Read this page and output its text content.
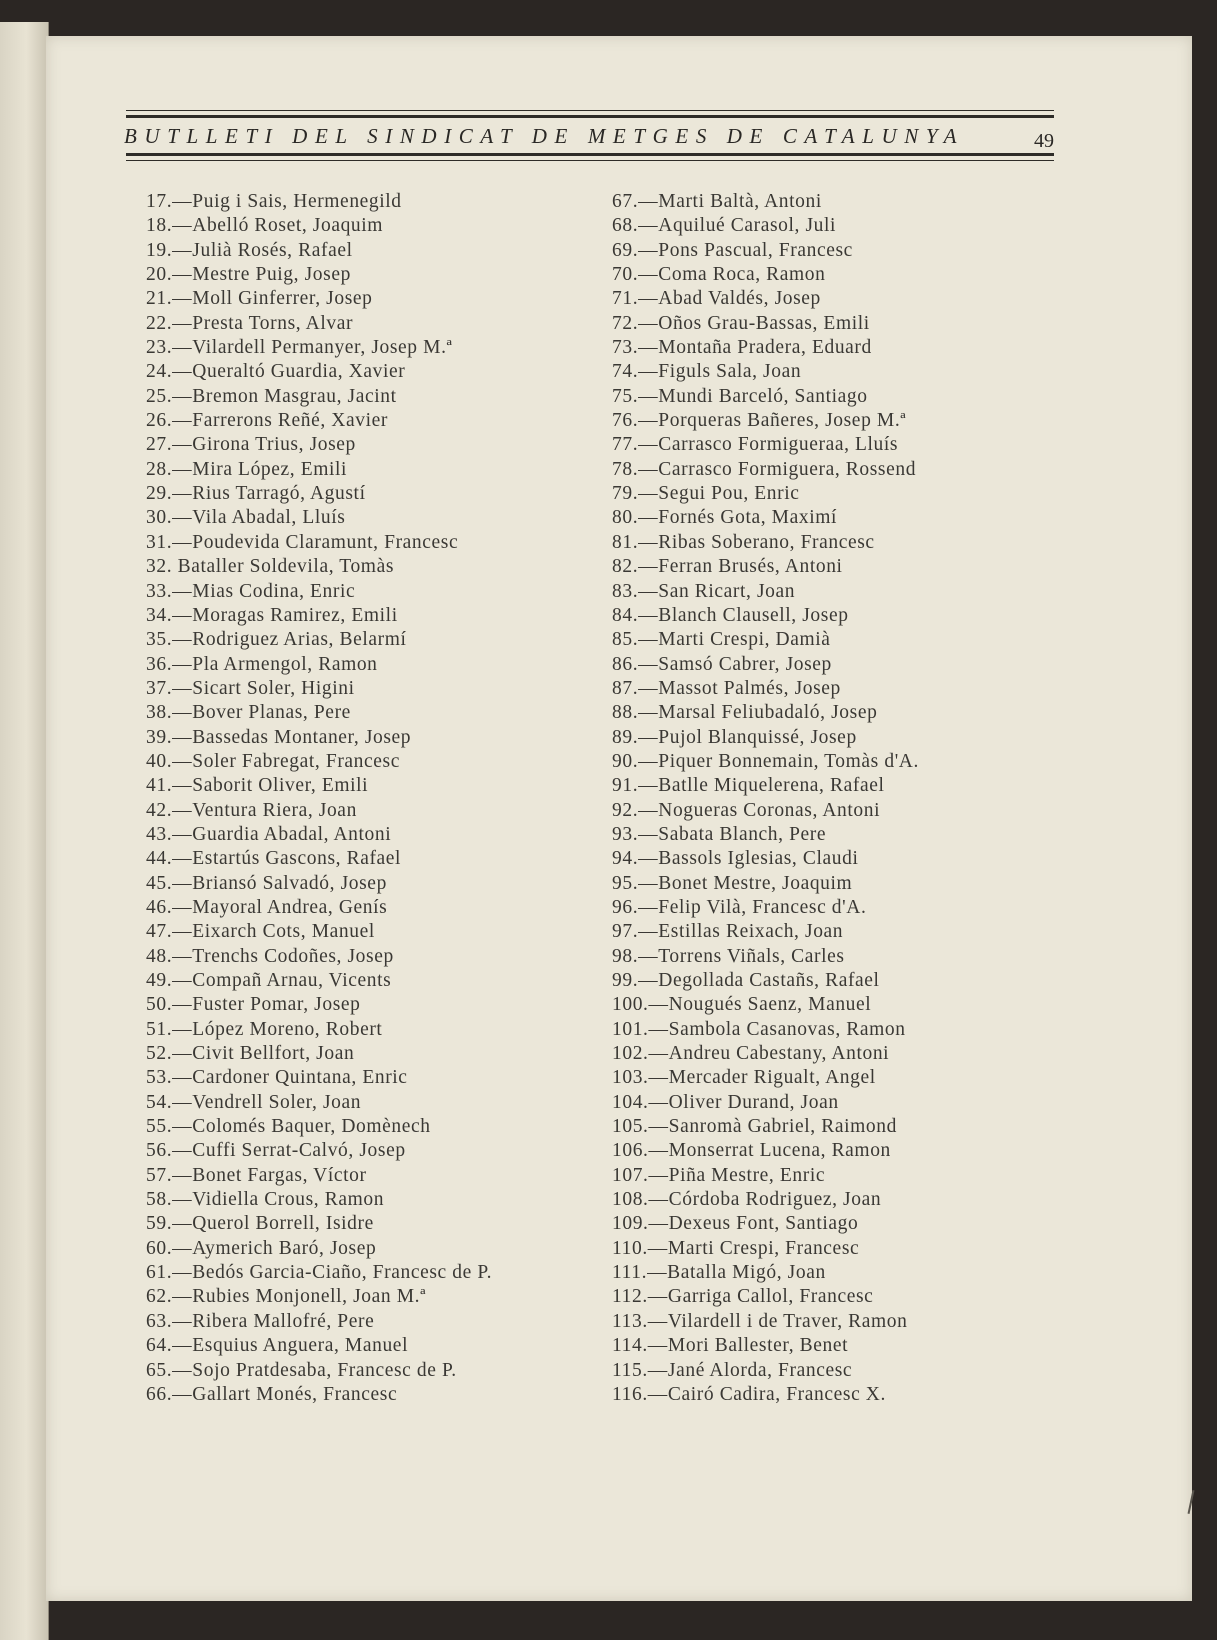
BUTLLETI DEL SINDICAT DE METGES DE CATALUNYA	49
17.—Puig i Sais, Hermenegild
18.—Abelló Roset, Joaquim
19.—Julià Rosés, Rafael
20.—Mestre Puig, Josep
21.—Moll Ginferrer, Josep
22.—Presta Torns, Alvar
23.—Vilardell Permanyer, Josep M.ª
24.—Queraltó Guardia, Xavier
25.—Bremon Masgrau, Jacint
26.—Farrerons Reñé, Xavier
27.—Girona Trius, Josep
28.—Mira López, Emili
29.—Rius Tarragó, Agustí
30.—Vila Abadal, Lluís
31.—Poudevida Claramunt, Francesc
32. Bataller Soldevila, Tomàs
33.—Mias Codina, Enric
34.—Moragas Ramirez, Emili
35.—Rodriguez Arias, Belarmí
36.—Pla Armengol, Ramon
37.—Sicart Soler, Higini
38.—Bover Planas, Pere
39.—Bassedas Montaner, Josep
40.—Soler Fabregat, Francesc
41.—Saborit Oliver, Emili
42.—Ventura Riera, Joan
43.—Guardia Abadal, Antoni
44.—Estartús Gascons, Rafael
45.—Briansó Salvadó, Josep
46.—Mayoral Andrea, Genís
47.—Eixarch Cots, Manuel
48.—Trenchs Codoñes, Josep
49.—Compañ Arnau, Vicents
50.—Fuster Pomar, Josep
51.—López Moreno, Robert
52.—Civit Bellfort, Joan
53.—Cardoner Quintana, Enric
54.—Vendrell Soler, Joan
55.—Colomés Baquer, Domènech
56.—Cuffi Serrat-Calvó, Josep
57.—Bonet Fargas, Víctor
58.—Vidiella Crous, Ramon
59.—Querol Borrell, Isidre
60.—Aymerich Baró, Josep
61.—Bedós Garcia-Ciaño, Francesc de P.
62.—Rubies Monjonell, Joan M.ª
63.—Ribera Mallofré, Pere
64.—Esquius Anguera, Manuel
65.—Sojo Pratdesaba, Francesc de P.
66.—Gallart Monés, Francesc
67.—Marti Baltà, Antoni
68.—Aquilué Carasol, Juli
69.—Pons Pascual, Francesc
70.—Coma Roca, Ramon
71.—Abad Valdés, Josep
72.—Oños Grau-Bassas, Emili
73.—Montaña Pradera, Eduard
74.—Figuls Sala, Joan
75.—Mundi Barceló, Santiago
76.—Porqueras Bañeres, Josep M.ª
77.—Carrasco Formigueraa, Lluís
78.—Carrasco Formiguera, Rossend
79.—Segui Pou, Enric
80.—Fornés Gota, Maximí
81.—Ribas Soberano, Francesc
82.—Ferran Brusés, Antoni
83.—San Ricart, Joan
84.—Blanch Clausell, Josep
85.—Marti Crespi, Damià
86.—Samsó Cabrer, Josep
87.—Massot Palmés, Josep
88.—Marsal Feliubadaló, Josep
89.—Pujol Blanquissé, Josep
90.—Piquer Bonnemain, Tomàs d'A.
91.—Batlle Miquelerena, Rafael
92.—Nogueras Coronas, Antoni
93.—Sabata Blanch, Pere
94.—Bassols Iglesias, Claudi
95.—Bonet Mestre, Joaquim
96.—Felip Vilà, Francesc d'A.
97.—Estillas Reixach, Joan
98.—Torrens Viñals, Carles
99.—Degollada Castañs, Rafael
100.—Nougués Saenz, Manuel
101.—Sambola Casanovas, Ramon
102.—Andreu Cabestany, Antoni
103.—Mercader Rigualt, Angel
104.—Oliver Durand, Joan
105.—Sanromà Gabriel, Raimond
106.—Monserrat Lucena, Ramon
107.—Piña Mestre, Enric
108.—Córdoba Rodriguez, Joan
109.—Dexeus Font, Santiago
110.—Marti Crespi, Francesc
111.—Batalla Migó, Joan
112.—Garriga Callol, Francesc
113.—Vilardell i de Traver, Ramon
114.—Mori Ballester, Benet
115.—Jané Alorda, Francesc
116.—Cairó Cadira, Francesc X.
